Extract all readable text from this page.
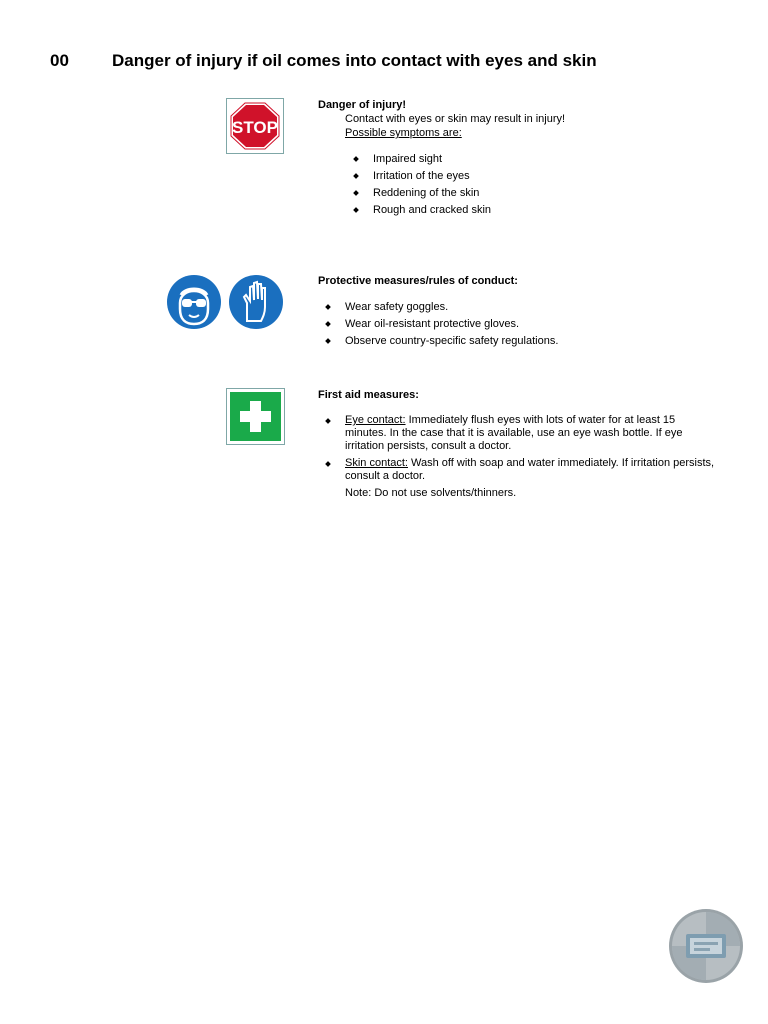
00	Danger of injury if oil comes into contact with eyes and skin
STOP
Danger of injury!
Contact with eyes or skin may result in injury!
Possible symptoms are:
Impaired sight
Irritation of the eyes
Reddening of the skin
Rough and cracked skin
Protective measures/rules of conduct:
Wear safety goggles.
Wear oil-resistant protective gloves.
Observe country-specific safety regulations.
First aid measures:
Eye contact: Immediately flush eyes with lots of water for at least 15 minutes. In the case that it is available, use an eye wash bottle. If eye irritation persists, consult a doctor.
Skin contact: Wash off with soap and water immediately. If irritation persists, consult a doctor.
Note: Do not use solvents/thinners.
